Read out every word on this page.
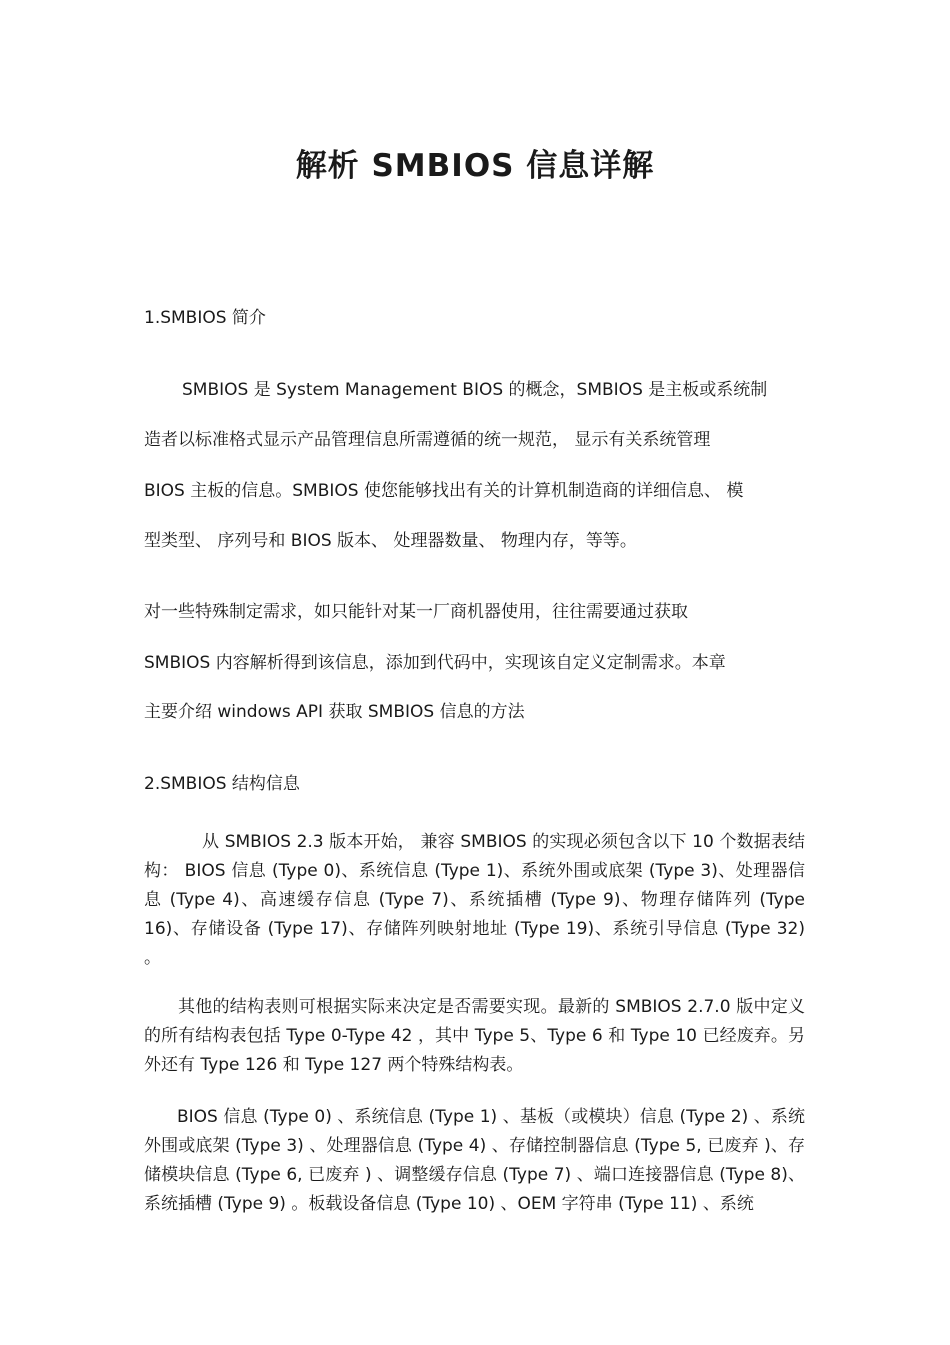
解析 SMBIOS 信息详解

1.SMBIOS 简介

SMBIOS 是 System Management BIOS 的概念，SMBIOS 是主板或系统制

造者以标准格式显示产品管理信息所需遵循的统一规范， 显示有关系统管理

BIOS 主板的信息。SMBIOS 使您能够找出有关的计算机制造商的详细信息、 模

型类型、 序列号和 BIOS 版本、 处理器数量、 物理内存，等等。

对一些特殊制定需求，如只能针对某一厂商机器使用，往往需要通过获取

SMBIOS 内容解析得到该信息，添加到代码中，实现该自定义定制需求。本章

主要介绍 windows API 获取 SMBIOS 信息的方法

2.SMBIOS 结构信息

从 SMBIOS 2.3 版本开始， 兼容 SMBIOS 的实现必须包含以下 10 个数据表结构： BIOS 信息 (Type 0)、系统信息 (Type 1)、系统外围或底架 (Type 3)、处理器信息 (Type 4)、高速缓存信息 (Type 7)、系统插槽 (Type 9)、物理存储阵列 (Type 16)、存储设备 (Type 17)、存储阵列映射地址 (Type 19)、系统引导信息 (Type 32) 。

其他的结构表则可根据实际来决定是否需要实现。最新的 SMBIOS 2.7.0 版中定义的所有结构表包括 Type 0-Type 42 ，其中 Type 5、Type 6 和 Type 10 已经废弃。另外还有 Type 126 和 Type 127 两个特殊结构表。

BIOS 信息 (Type 0) 、系统信息 (Type 1) 、基板（或模块）信息 (Type 2) 、系统外围或底架 (Type 3) 、处理器信息 (Type 4) 、存储控制器信息 (Type 5, 已废弃 )、存储模块信息 (Type 6, 已废弃 ) 、调整缓存信息 (Type 7) 、端口连接器信息 (Type 8)、系统插槽 (Type 9) 。板载设备信息 (Type 10) 、OEM 字符串 (Type 11) 、系统
